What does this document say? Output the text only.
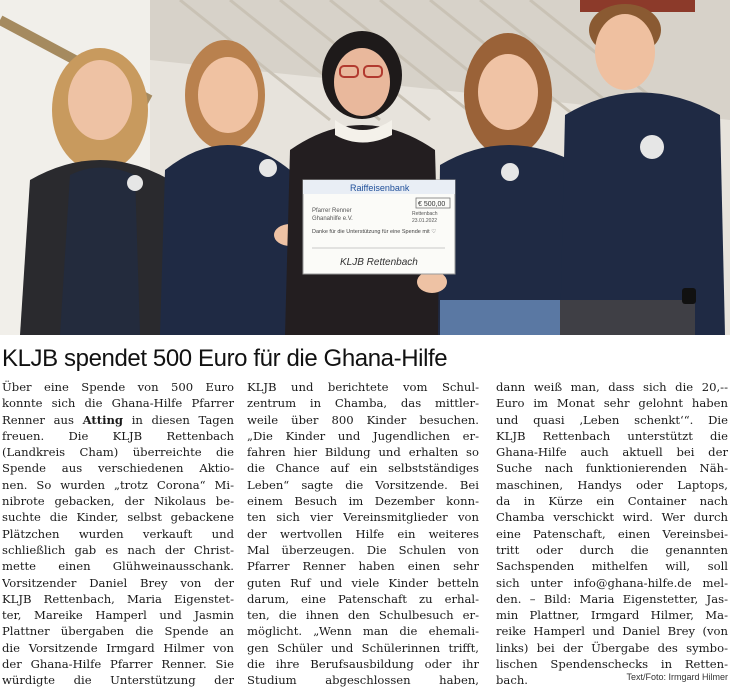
Raiffeisenbank
€ 500,00
Pfarrer Renner
Ghanahilfe e.V.
Rettenbach
23.01.2022
Danke für die Unterstützung für eine Spende mit ♡
KLJB Rettenbach
KLJB spendet 500 Euro für die Ghana-Hilfe
Über eine Spende von 500 Euro
konnte sich die Ghana-Hilfe Pfarrer
Renner aus Atting in diesen Tagen
freuen. Die KLJB Rettenbach
(Landkreis Cham) überreichte die
Spende aus verschiedenen Aktio-
nen. So wurden „trotz Corona“ Mi-
nibrote gebacken, der Nikolaus be-
suchte die Kinder, selbst gebackene
Plätzchen wurden verkauft und
schließlich gab es nach der Christ-
mette einen Glühweinausschank.
Vorsitzender Daniel Brey von der
KLJB Rettenbach, Maria Eigenstet-
ter, Mareike Hamperl und Jasmin
Plattner übergaben die Spende an
die Vorsitzende Irmgard Hilmer von
der Ghana-Hilfe Pfarrer Renner. Sie
würdigte die Unterstützung der
KLJB und berichtete vom Schul-
zentrum in Chamba, das mittler-
weile über 800 Kinder besuchen.
„Die Kinder und Jugendlichen er-
fahren hier Bildung und erhalten so
die Chance auf ein selbstständiges
Leben“ sagte die Vorsitzende. Bei
einem Besuch im Dezember konn-
ten sich vier Vereinsmitglieder von
der wertvollen Hilfe ein weiteres
Mal überzeugen. Die Schulen von
Pfarrer Renner haben einen sehr
guten Ruf und viele Kinder betteln
darum, eine Patenschaft zu erhal-
ten, die ihnen den Schulbesuch er-
möglicht. „Wenn man die ehemali-
gen Schüler und Schülerinnen trifft,
die ihre Berufsausbildung oder ihr
Studium abgeschlossen haben,
dann weiß man, dass sich die 20,--
Euro im Monat sehr gelohnt haben
und quasi ‚Leben schenkt‘“. Die
KLJB Rettenbach unterstützt die
Ghana-Hilfe auch aktuell bei der
Suche nach funktionierenden Näh-
maschinen, Handys oder Laptops,
da in Kürze ein Container nach
Chamba verschickt wird. Wer durch
eine Patenschaft, einen Vereinsbei-
tritt oder durch die genannten
Sachspenden mithelfen will, soll
sich unter info@ghana-hilfe.de mel-
den. – Bild: Maria Eigenstetter, Jas-
min Plattner, Irmgard Hilmer, Ma-
reike Hamperl und Daniel Brey (von
links) bei der Übergabe des symbo-
lischen Spendenschecks in Retten-
bach.	Text/Foto: Irmgard Hilmer
